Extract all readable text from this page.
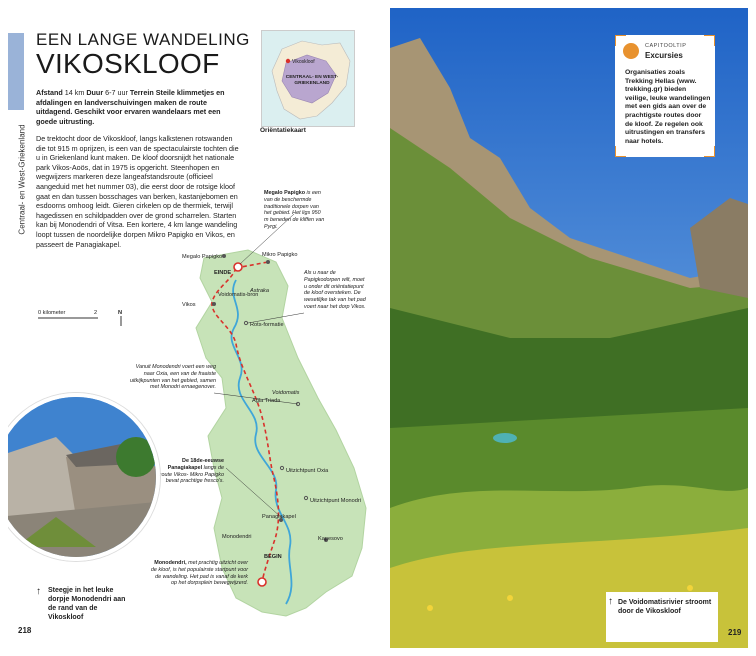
Centraal- en West-Griekenland
EEN LANGE WANDELING
VIKOSKLOOF
Afstand 14 km Duur 6-7 uur Terrein Steile klimmetjes en afdalingen en landverschuivingen maken de route uitdagend. Geschikt voor ervaren wandelaars met een goede uitrusting.
De trektocht door de Vikoskloof, langs kalkstenen rotswanden die tot 915 m oprijzen, is een van de spectaculairste tochten die u in Griekenland kunt maken. De kloof doorsnijdt het nationale park Vikos-Aoös, dat in 1975 is opgericht. Steenhopen en wegwijzers markeren deze langeafstandsroute (officieel aangeduid met het nummer 03), die eerst door de rotsige kloof gaat en dan tussen bosschages van berken, kastanjebomen en esdoorns omhoog leidt. Gieren cirkelen op de thermiek, terwijl hagedissen en schildpadden over de grond scharrelen. Starten kan bij Monodendri of Vitsa. Een kortere, 4 km lange wandeling loopt tussen de noordelijke dorpen Mikro Papigko en Vikos, en passeert de Panagiakapel.
Vikoskloof
CENTRAAL- EN WEST-GRIEKENLAND
Oriëntatiekaart
0 kilometer	2	N
Megalo Papigko	Mikro Papigko
EINDE
Voidomatis-bron
Vikos
Astraka
Rots-formatie
Voidomatis
Agia Triada
Uitzichtpunt Oxia
Uitzichtpunt Monodri
Panagiakapel
Monodendri
BEGIN
Kapesovo
Megalo Papigko is een van de beschermde traditionele dorpen van het gebied. Het ligs 950 m beneden de kliffen van Pyrgi.
Als u naar de Papigkodorpen wilt, moet u onder dit oriëntatiepunt de kloof oversteken. De wesetlijke tak van het pad voert naar het dorp Vikos.
Vanuit Monodendri voert een weg naar Oxia, een van de fraaiste uitkijkpunten van het gebied, samen met Monodri ernaegenover.
De 18de-eeuwse Panagiakapel langs de route Vikos- Mikro Papigko bevat prachtige fresco's.
Monodendri, met prachtig uitzicht over de kloof, is het populairste startpunt voor de wandeling. Het pad is vanaf de kerk op het dorpsplein bewegwijzerd.
↑ Steegje in het leuke dorpje Monodendri aan de rand van de Vikoskloof
218
CAPITOOLTIP
Excursies
Organisaties zoals Trekking Hellas (www. trekking.gr) bieden veilige, leuke wandelingen met een gids aan over de prachtigste routes door de kloof. Ze regelen ook uitrustingen en transfers naar hotels.
↑ De Voidomatisrivier stroomt door de Vikoskloof
219
